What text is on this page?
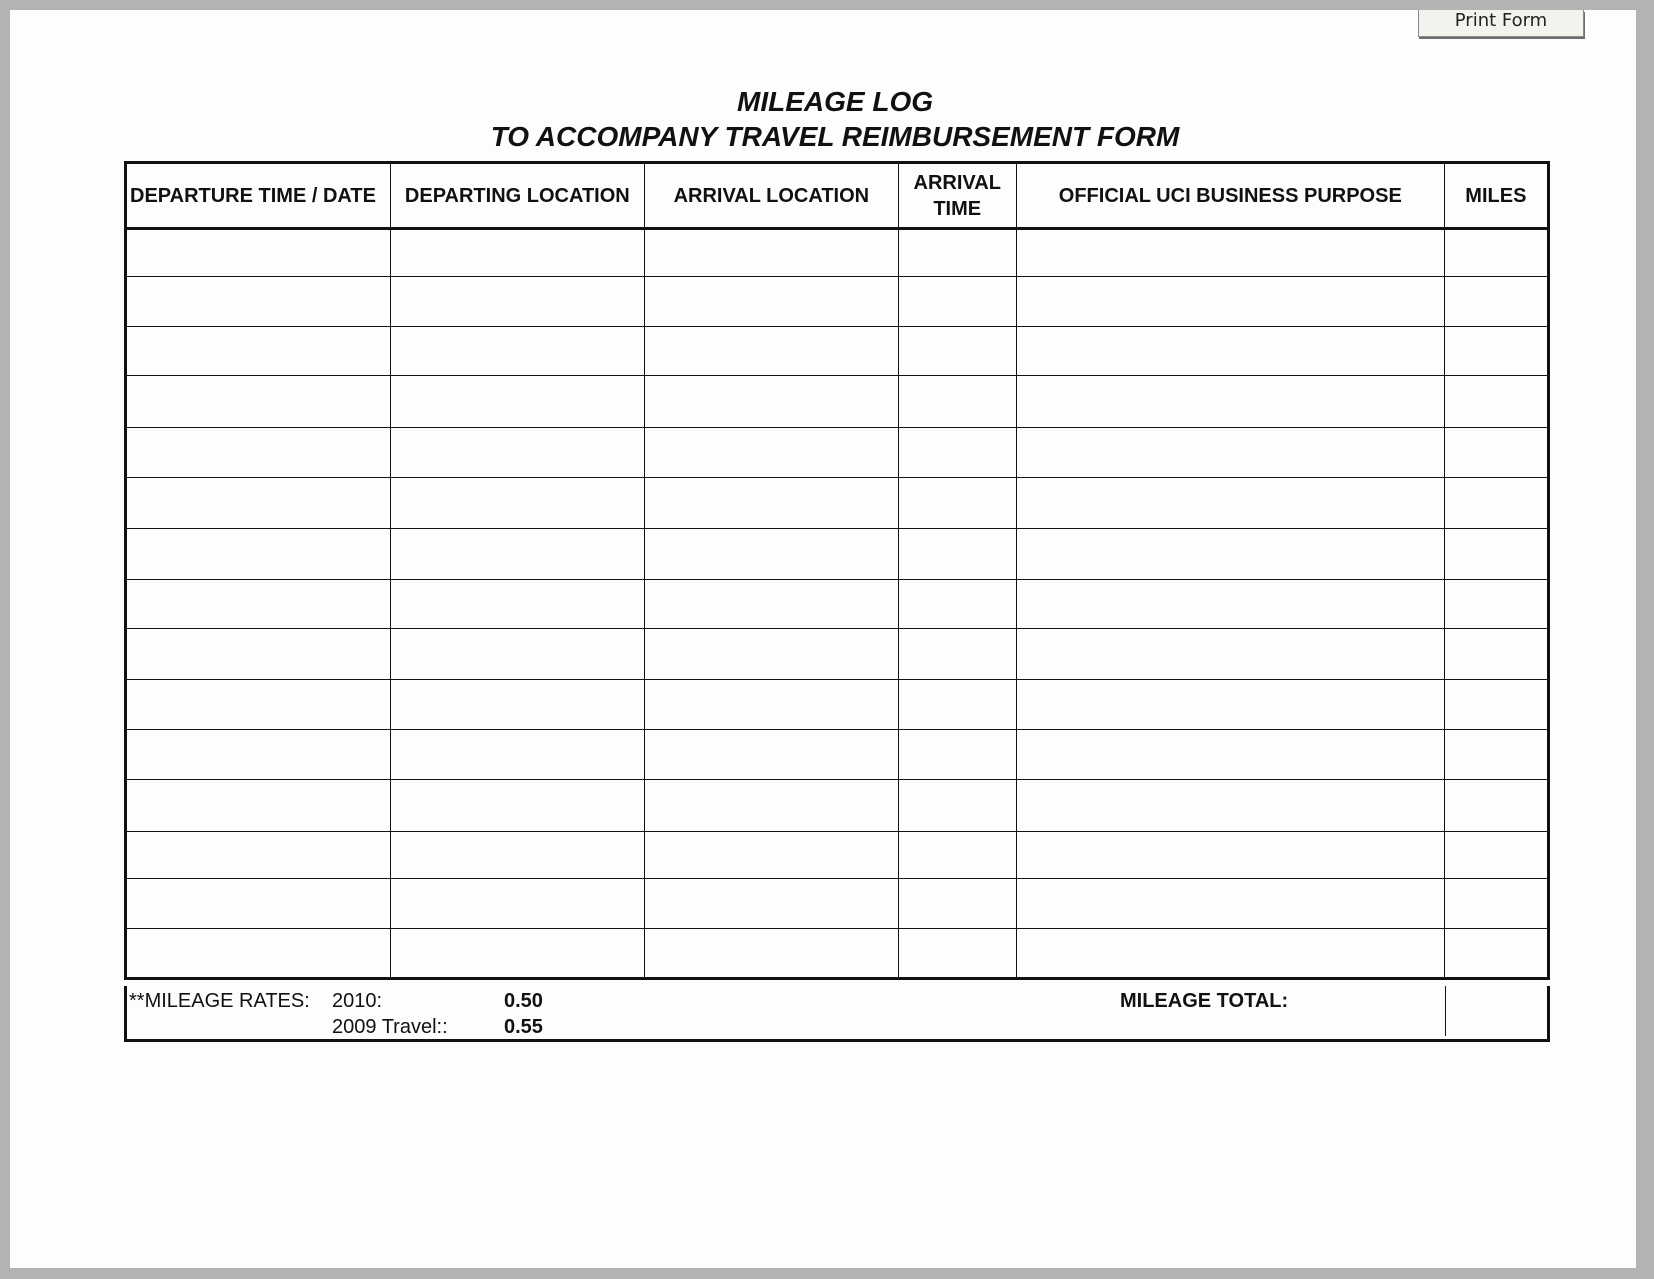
Print Form
MILEAGE LOG
TO ACCOMPANY TRAVEL REIMBURSEMENT FORM
DEPARTURE TIME / DATE	DEPARTING LOCATION	ARRIVAL LOCATION	ARRIVAL TIME	OFFICIAL UCI BUSINESS PURPOSE	MILES

**MILEAGE RATES: 2010:	0.50
2009 Travel::	0.55
MILEAGE TOTAL:
